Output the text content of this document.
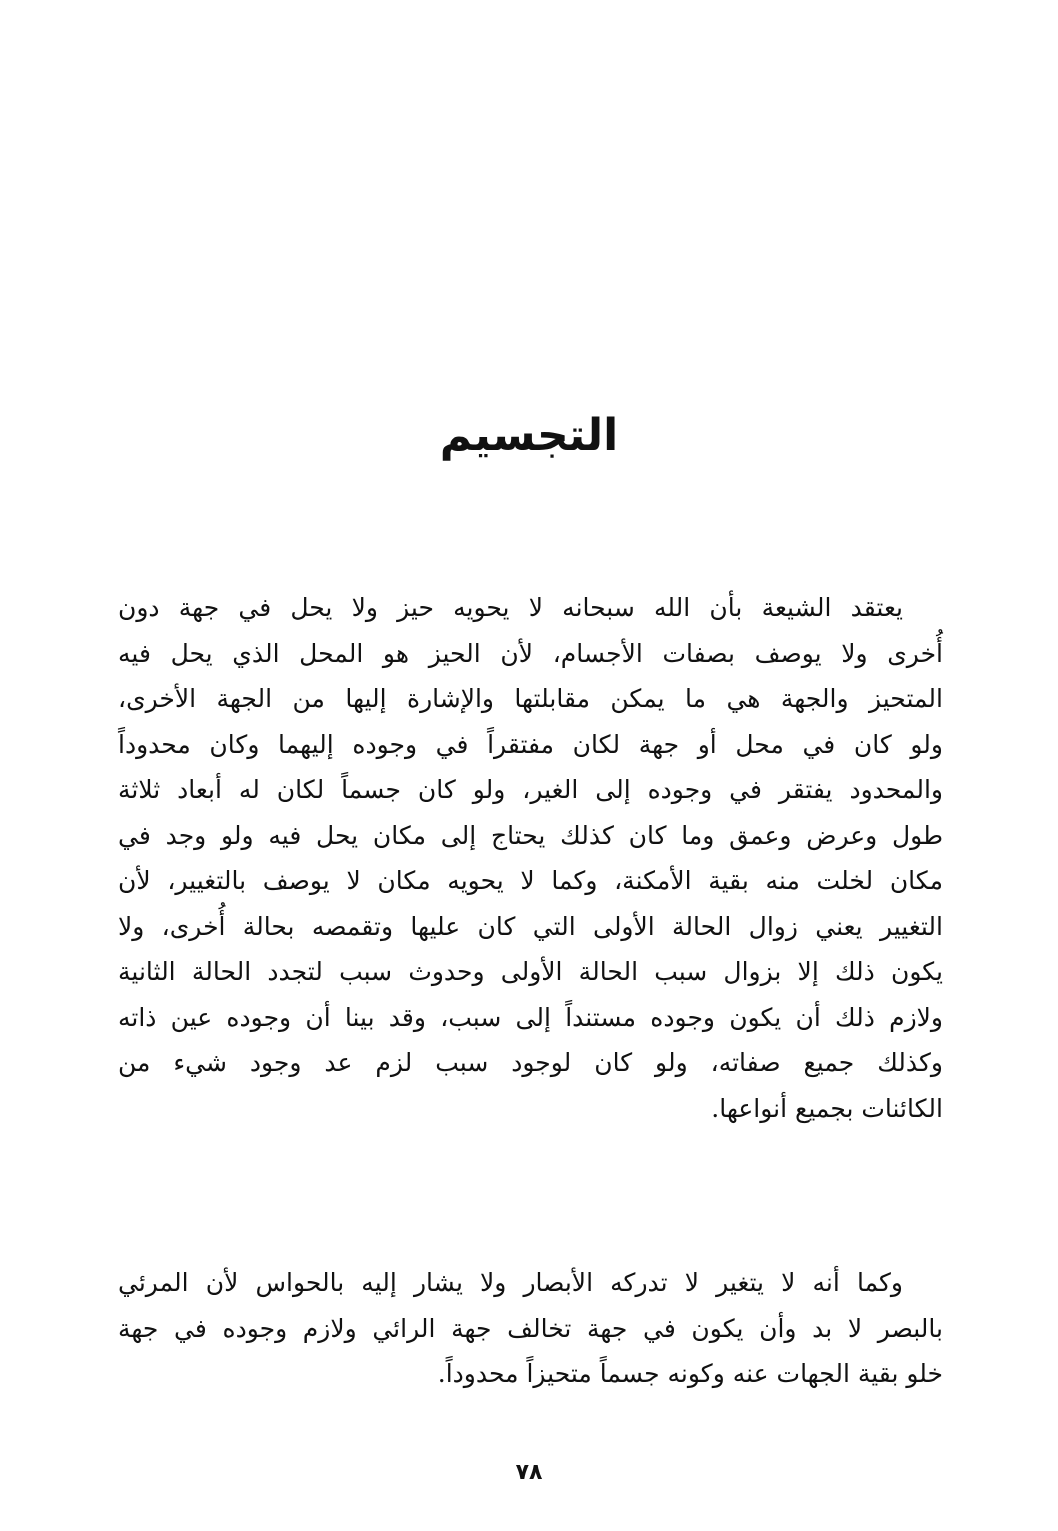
التجسيم
يعتقد الشيعة بأن الله سبحانه لا يحويه حيز ولا يحل في جهة دون
أُخرى ولا يوصف بصفات الأجسام، لأن الحيز هو المحل الذي يحل فيه
المتحيز والجهة هي ما يمكن مقابلتها والإشارة إليها من الجهة الأخرى،
ولو كان في محل أو جهة لكان مفتقراً في وجوده إليهما وكان محدوداً
والمحدود يفتقر في وجوده إلى الغير، ولو كان جسماً لكان له أبعاد ثلاثة
طول وعرض وعمق وما كان كذلك يحتاج إلى مكان يحل فيه ولو وجد في
مكان لخلت منه بقية الأمكنة، وكما لا يحويه مكان لا يوصف بالتغيير، لأن
التغيير يعني زوال الحالة الأولى التي كان عليها وتقمصه بحالة أُخرى، ولا
يكون ذلك إلا بزوال سبب الحالة الأولى وحدوث سبب لتجدد الحالة الثانية
ولازم ذلك أن يكون وجوده مستنداً إلى سبب، وقد بينا أن وجوده عين ذاته
وكذلك جميع صفاته، ولو كان لوجود سبب لزم عد وجود شيء من
الكائنات بجميع أنواعها.
وكما أنه لا يتغير لا تدركه الأبصار ولا يشار إليه بالحواس لأن المرئي
بالبصر لا بد وأن يكون في جهة تخالف جهة الرائي ولازم وجوده في جهة
خلو بقية الجهات عنه وكونه جسماً متحيزاً محدوداً.
٧٨
